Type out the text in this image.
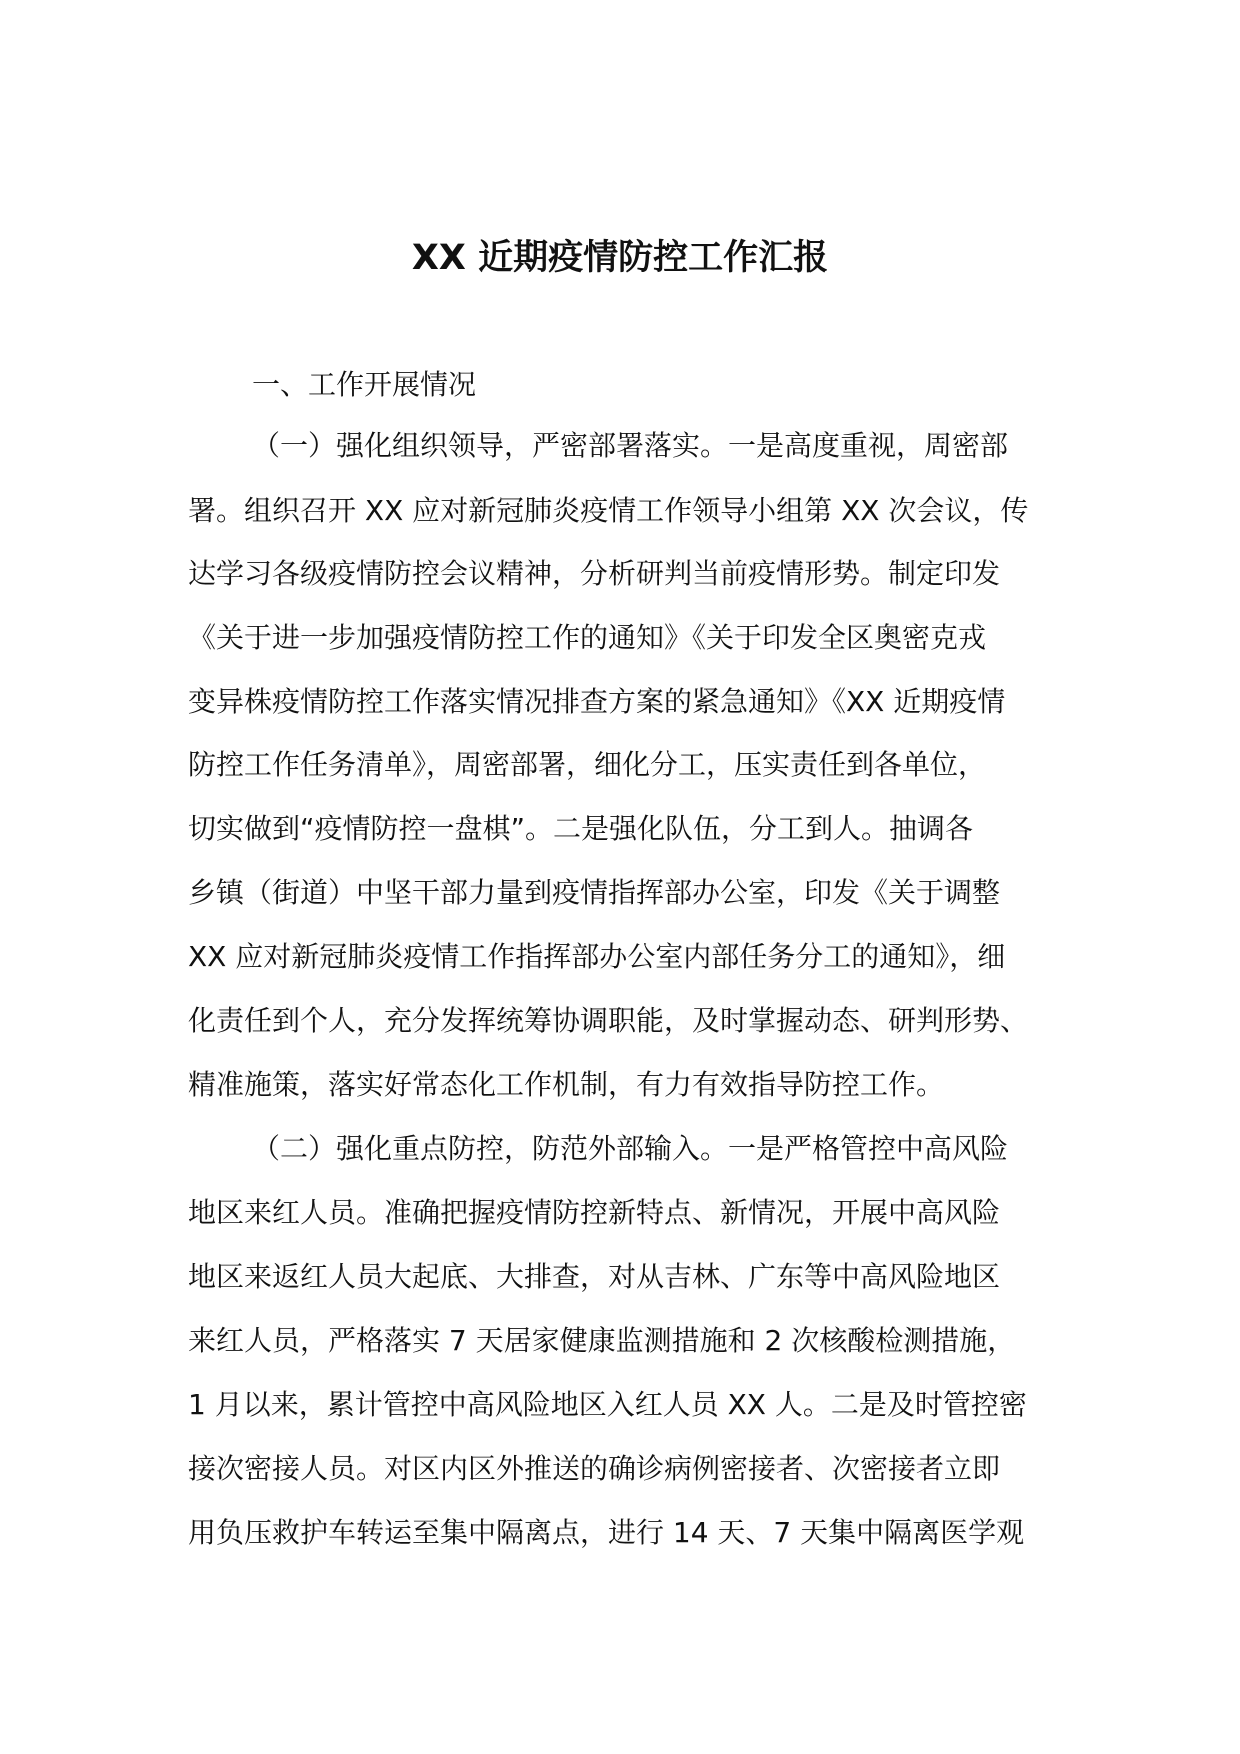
XX 近期疫情防控工作汇报

一、工作开展情况

（一）强化组织领导，严密部署落实。一是高度重视，周密部

署。组织召开 XX 应对新冠肺炎疫情工作领导小组第 XX 次会议，传

达学习各级疫情防控会议精神，分析研判当前疫情形势。制定印发

《关于进一步加强疫情防控工作的通知》《关于印发全区奥密克戎

变异株疫情防控工作落实情况排查方案的紧急通知》《XX 近期疫情

防控工作任务清单》，周密部署，细化分工，压实责任到各单位，

切实做到“疫情防控一盘棋”。二是强化队伍，分工到人。抽调各

乡镇（街道）中坚干部力量到疫情指挥部办公室，印发《关于调整

XX 应对新冠肺炎疫情工作指挥部办公室内部任务分工的通知》，细

化责任到个人，充分发挥统筹协调职能，及时掌握动态、研判形势、

精准施策，落实好常态化工作机制，有力有效指导防控工作。

（二）强化重点防控，防范外部输入。一是严格管控中高风险

地区来红人员。准确把握疫情防控新特点、新情况，开展中高风险

地区来返红人员大起底、大排查，对从吉林、广东等中高风险地区

来红人员，严格落实 7 天居家健康监测措施和 2 次核酸检测措施，

1 月以来，累计管控中高风险地区入红人员 XX 人。二是及时管控密

接次密接人员。对区内区外推送的确诊病例密接者、次密接者立即

用负压救护车转运至集中隔离点，进行 14 天、7 天集中隔离医学观
